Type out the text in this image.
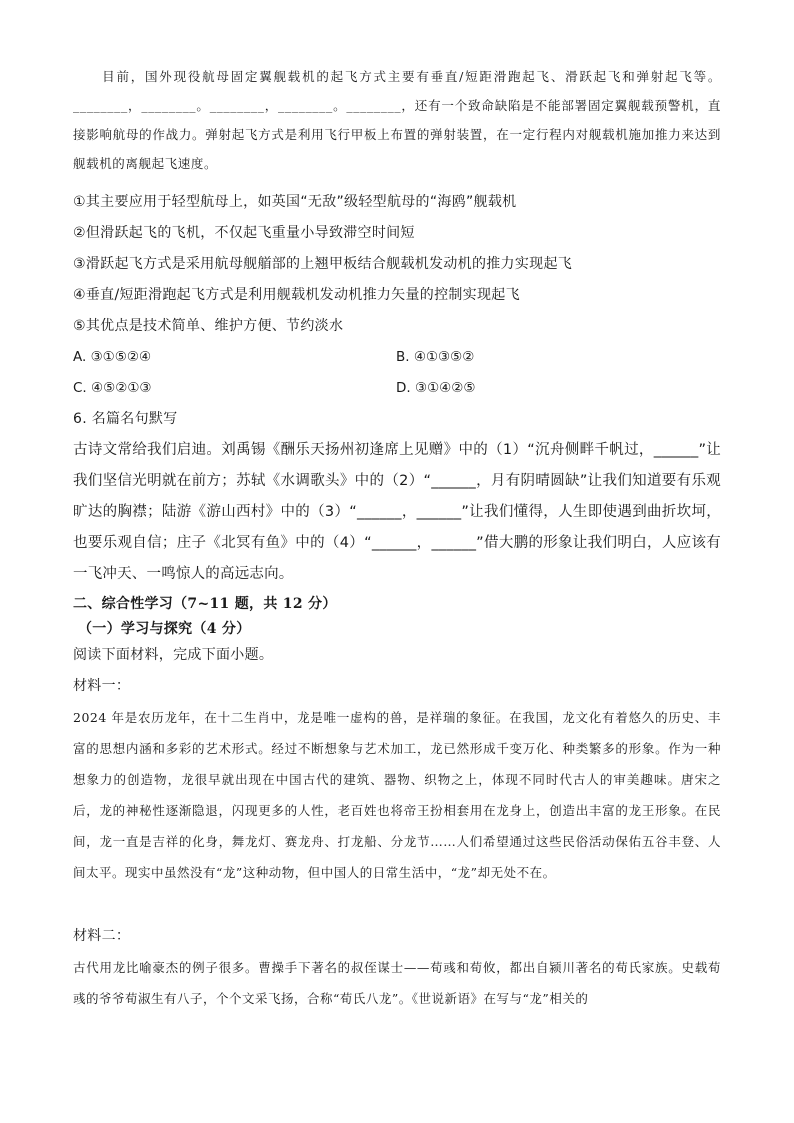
目前，国外现役航母固定翼舰载机的起飞方式主要有垂直/短距滑跑起飞、滑跃起飞和弹射起飞等。________，________。________，________。________，还有一个致命缺陷是不能部署固定翼舰载预警机，直接影响航母的作战力。弹射起飞方式是利用飞行甲板上布置的弹射装置，在一定行程内对舰载机施加推力来达到舰载机的离舰起飞速度。
①其主要应用于轻型航母上，如英国“无敌”级轻型航母的“海鸥”舰载机
②但滑跃起飞的飞机，不仅起飞重量小导致滞空时间短
③滑跃起飞方式是采用航母舰艏部的上翘甲板结合舰载机发动机的推力实现起飞
④垂直/短距滑跑起飞方式是利用舰载机发动机推力矢量的控制实现起飞
⑤其优点是技术简单、维护方便、节约淡水
A. ③①⑤②④	B. ④①③⑤②
C. ④⑤②①③	D. ③①④②⑤
6. 名篇名句默写
古诗文常给我们启迪。刘禹锡《酬乐天扬州初逢席上见赠》中的（1）“沉舟侧畔千帆过，______”让我们坚信光明就在前方；苏轼《水调歌头》中的（2）“______，月有阴晴圆缺”让我们知道要有乐观旷达的胸襟；陆游《游山西村》中的（3）“______，______”让我们懂得，人生即使遇到曲折坎坷，也要乐观自信；庄子《北冥有鱼》中的（4）“______，______”借大鹏的形象让我们明白，人应该有一飞冲天、一鸣惊人的高远志向。
二、综合性学习（7~11 题，共 12 分）
（一）学习与探究（4 分）
阅读下面材料，完成下面小题。
材料一：
2024 年是农历龙年，在十二生肖中，龙是唯一虚构的兽，是祥瑞的象征。在我国，龙文化有着悠久的历史、丰富的思想内涵和多彩的艺术形式。经过不断想象与艺术加工，龙已然形成千变万化、种类繁多的形象。作为一种想象力的创造物，龙很早就出现在中国古代的建筑、器物、织物之上，体现不同时代古人的审美趣味。唐宋之后，龙的神秘性逐渐隐退，闪现更多的人性，老百姓也将帝王扮相套用在龙身上，创造出丰富的龙王形象。在民间，龙一直是吉祥的化身，舞龙灯、赛龙舟、打龙船、分龙节……人们希望通过这些民俗活动保佑五谷丰登、人间太平。现实中虽然没有“龙”这种动物，但中国人的日常生活中，“龙”却无处不在。
材料二：
古代用龙比喻豪杰的例子很多。曹操手下著名的叔侄谋士——荀彧和荀攸，都出自颍川著名的荀氏家族。史载荀彧的爷爷荀淑生有八子，个个文采飞扬，合称“荀氏八龙”。《世说新语》在写与“龙”相关的
